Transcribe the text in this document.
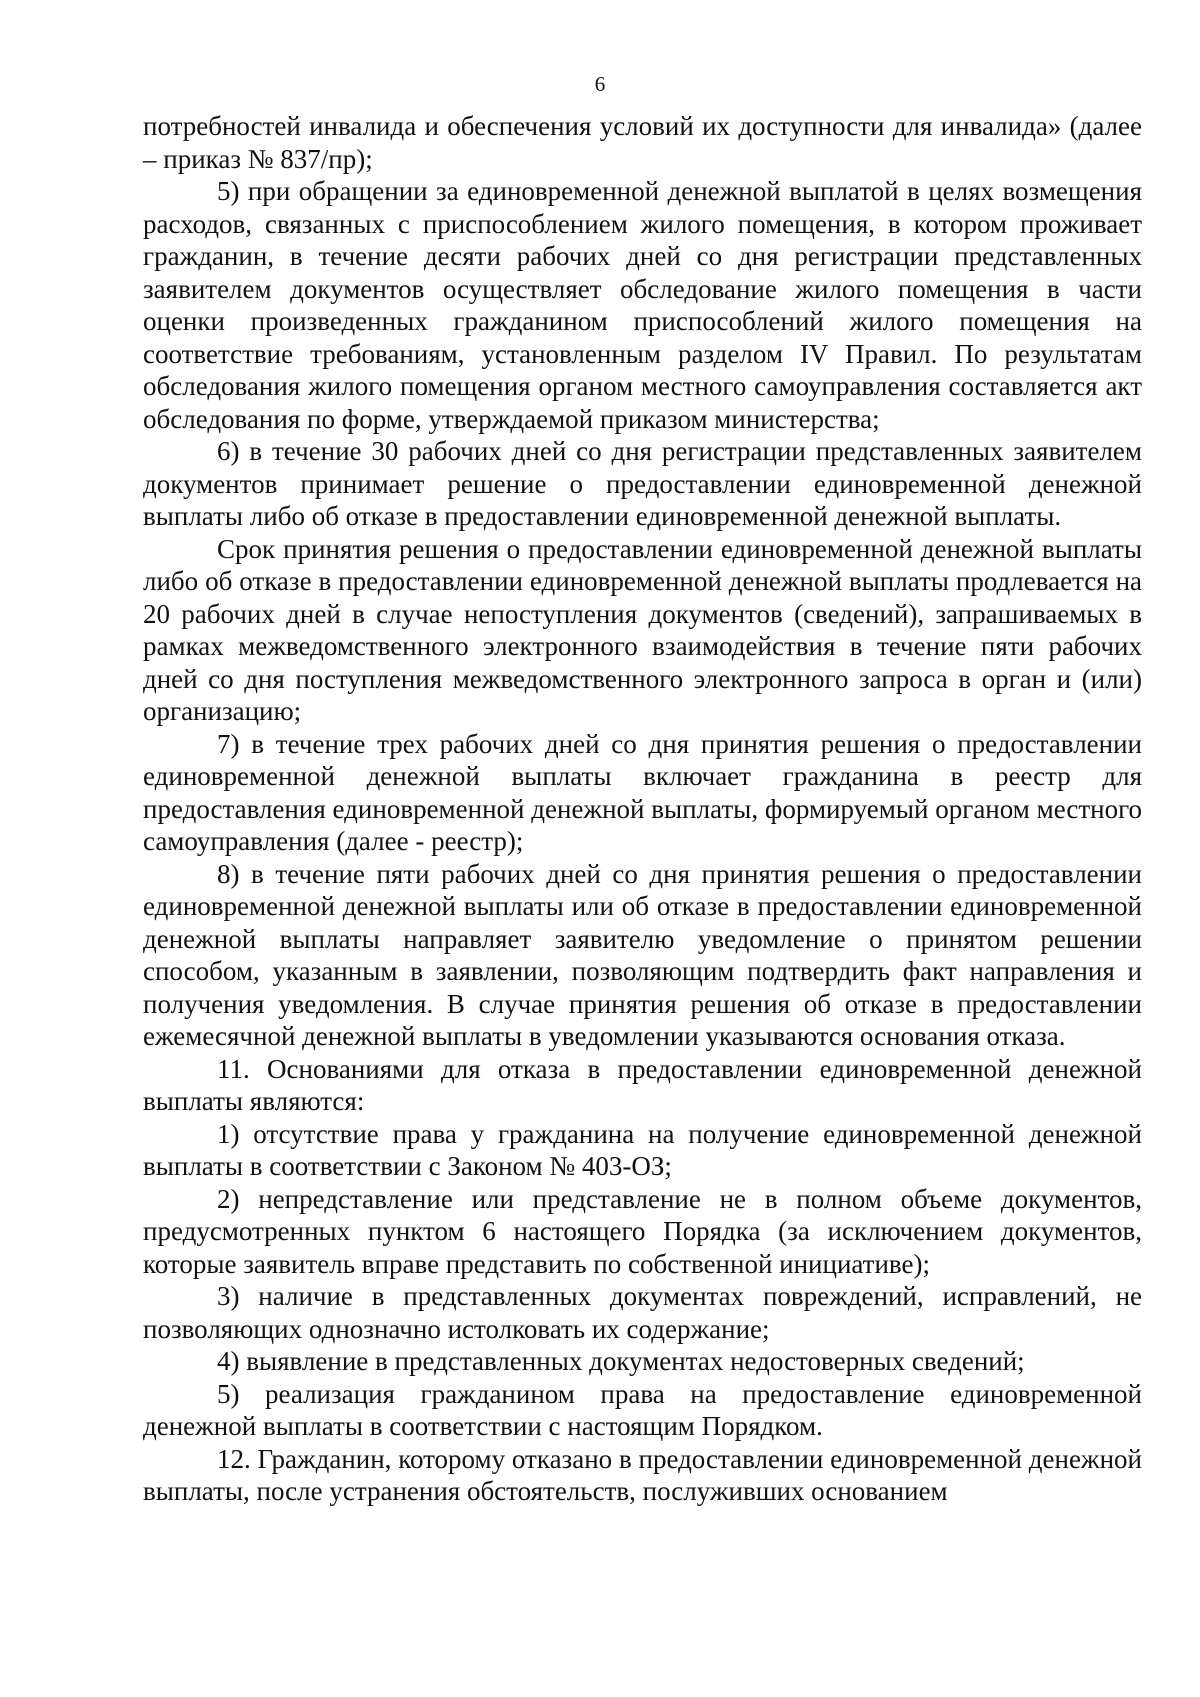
6

потребностей инвалида и обеспечения условий их доступности для инвалида» (далее – приказ № 837/пр);

5) при обращении за единовременной денежной выплатой в целях возмещения расходов, связанных с приспособлением жилого помещения, в котором проживает гражданин, в течение десяти рабочих дней со дня регистрации представленных заявителем документов осуществляет обследование жилого помещения в части оценки произведенных гражданином приспособлений жилого помещения на соответствие требованиям, установленным разделом IV Правил. По результатам обследования жилого помещения органом местного самоуправления составляется акт обследования по форме, утверждаемой приказом министерства;

6) в течение 30 рабочих дней со дня регистрации представленных заявителем документов принимает решение о предоставлении единовременной денежной выплаты либо об отказе в предоставлении единовременной денежной выплаты.

Срок принятия решения о предоставлении единовременной денежной выплаты либо об отказе в предоставлении единовременной денежной выплаты продлевается на 20 рабочих дней в случае непоступления документов (сведений), запрашиваемых в рамках межведомственного электронного взаимодействия в течение пяти рабочих дней со дня поступления межведомственного электронного запроса в орган и (или) организацию;

7) в течение трех рабочих дней со дня принятия решения о предоставлении единовременной денежной выплаты включает гражданина в реестр для предоставления единовременной денежной выплаты, формируемый органом местного самоуправления (далее - реестр);

8) в течение пяти рабочих дней со дня принятия решения о предоставлении единовременной денежной выплаты или об отказе в предоставлении единовременной денежной выплаты направляет заявителю уведомление о принятом решении способом, указанным в заявлении, позволяющим подтвердить факт направления и получения уведомления. В случае принятия решения об отказе в предоставлении ежемесячной денежной выплаты в уведомлении указываются основания отказа.

11. Основаниями для отказа в предоставлении единовременной денежной выплаты являются:

1) отсутствие права у гражданина на получение единовременной денежной выплаты в соответствии с Законом № 403-ОЗ;

2) непредставление или представление не в полном объеме документов, предусмотренных пунктом 6 настоящего Порядка (за исключением документов, которые заявитель вправе представить по собственной инициативе);

3) наличие в представленных документах повреждений, исправлений, не позволяющих однозначно истолковать их содержание;

4) выявление в представленных документах недостоверных сведений;

5) реализация гражданином права на предоставление единовременной денежной выплаты в соответствии с настоящим Порядком.

12. Гражданин, которому отказано в предоставлении единовременной денежной выплаты, после устранения обстоятельств, послуживших основанием
